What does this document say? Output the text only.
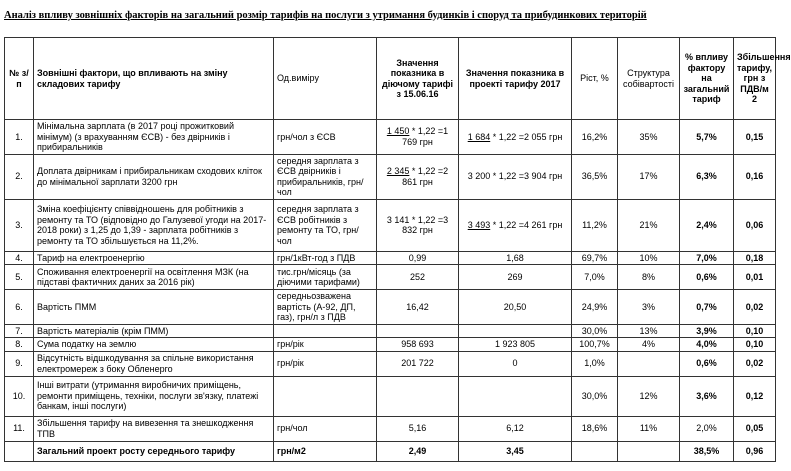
Аналіз впливу зовнішніх факторів на загальний розмір тарифів на послуги з утримання будинків і споруд та прибудинкових територій
№ з/п	Зовнішні фактори, що впливають на зміну складових тарифу	Од.виміру	Значення показника в діючому тарифі з 15.06.16	Значення показника в проекті тарифу 2017	Ріст, %	Структура собівартості	% впливу фактору на загальний тариф	Збільшення тарифу, грн з ПДВ/м 2
1.	Мінімальна зарплата (в 2017 році прожитковий мінімум) (з врахуванням ЄСВ) - без двірників і прибиральників	грн/чол з ЄСВ	1 450 * 1,22 =1 769 грн	1 684 * 1,22 =2 055 грн	16,2%	35%	5,7%	0,15
2.	Доплата двірникам і прибиральникам сходових кліток до мінімальної зарплати 3200 грн	середня зарплата з ЄСВ двірників і прибиральників, грн/чол	2 345 * 1,22 =2 861 грн	3 200 * 1,22 =3 904 грн	36,5%	17%	6,3%	0,16
3.	Зміна коефіцієнту співвідношень для робітників з ремонту та ТО (відповідно до Галузевої угоди на 2017-2018 роки) з 1,25 до 1,39 - зарплата робітників з ремонту та ТО збільшується на 11,2%.	середня зарплата з ЄСВ робітників з ремонту та ТО, грн/чол	3 141 * 1,22 =3 832 грн	3 493 * 1,22 =4 261 грн	11,2%	21%	2,4%	0,06
4.	Тариф на електроенергію	грн/1кВт-год з ПДВ	0,99	1,68	69,7%	10%	7,0%	0,18
5.	Споживання електроенергії на освітлення МЗК (на підставі фактичних даних за 2016 рік)	тис.грн/місяць (за діючими тарифами)	252	269	7,0%	8%	0,6%	0,01
6.	Вартість ПММ	середньозважена вартість (А-92, ДП, газ), грн/л з ПДВ	16,42	20,50	24,9%	3%	0,7%	0,02
7.	Вартість матеріалів (крім ПММ)				30,0%	13%	3,9%	0,10
8.	Сума податку на землю	грн/рік	958 693	1 923 805	100,7%	4%	4,0%	0,10
9.	Відсутність відшкодування за спільне використання електромереж з боку Обленерго	грн/рік	201 722	0	1,0%		0,6%	0,02
10.	Інші витрати (утримання виробничих приміщень, ремонти приміщень, техніки, послуги зв'язку, платежі банкам, інші послуги)				30,0%	12%	3,6%	0,12
11.	Збільшення тарифу на вивезення та знешкодження ТПВ	грн/чол	5,16	6,12	18,6%	11%	2,0%	0,05
	Загальний проект росту середнього тарифу	грн/м2	2,49	3,45			38,5%	0,96
